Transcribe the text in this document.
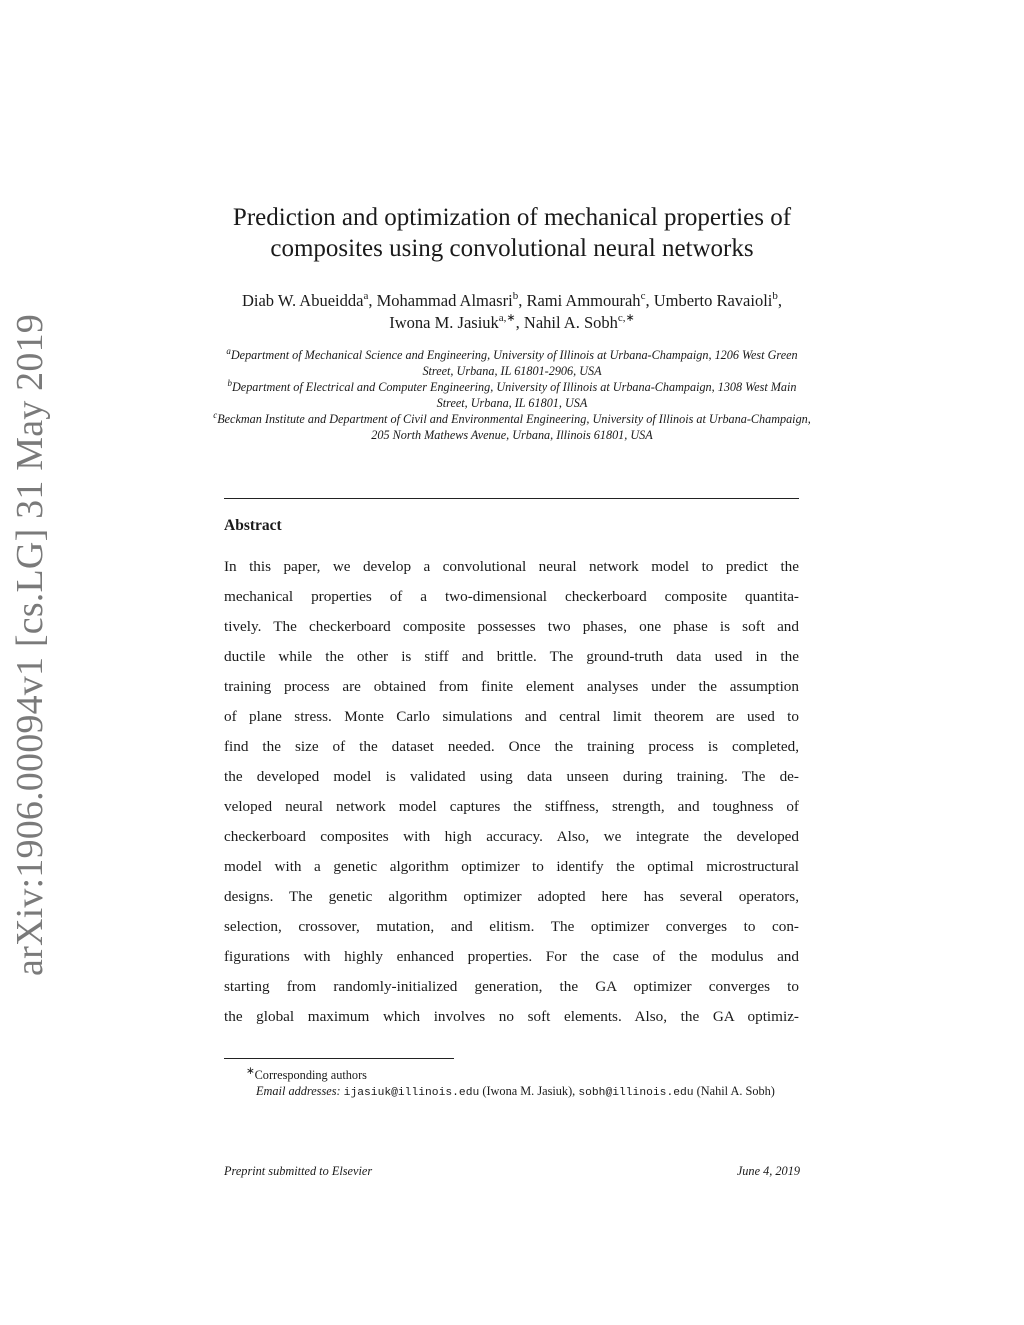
arXiv:1906.00094v1 [cs.LG] 31 May 2019
Prediction and optimization of mechanical properties of
composites using convolutional neural networks
Diab W. Abueidda$^a$, Mohammad Almasri$^b$, Rami Ammourah$^c$, Umberto Ravaioli$^b$, Iwona M. Jasiuk$^{a,∗}$, Nahil A. Sobh$^{c,∗}$
$^a$Department of Mechanical Science and Engineering, University of Illinois at Urbana-Champaign, 1206 West Green Street, Urbana, IL 61801-2906, USA
$^b$Department of Electrical and Computer Engineering, University of Illinois at Urbana-Champaign, 1308 West Main Street, Urbana, IL 61801, USA
$^c$Beckman Institute and Department of Civil and Environmental Engineering, University of Illinois at Urbana-Champaign, 205 North Mathews Avenue, Urbana, Illinois 61801, USA
Abstract
In this paper, we develop a convolutional neural network model to predict the
mechanical properties of a two-dimensional checkerboard composite quantita-
tively. The checkerboard composite possesses two phases, one phase is soft and
ductile while the other is stiff and brittle. The ground-truth data used in the
training process are obtained from finite element analyses under the assumption
of plane stress. Monte Carlo simulations and central limit theorem are used to
find the size of the dataset needed. Once the training process is completed,
the developed model is validated using data unseen during training. The de-
veloped neural network model captures the stiffness, strength, and toughness of
checkerboard composites with high accuracy. Also, we integrate the developed
model with a genetic algorithm optimizer to identify the optimal microstructural
designs. The genetic algorithm optimizer adopted here has several operators,
selection, crossover, mutation, and elitism. The optimizer converges to con-
figurations with highly enhanced properties. For the case of the modulus and
starting from randomly-initialized generation, the GA optimizer converges to
the global maximum which involves no soft elements. Also, the GA optimiz-
∗Corresponding authors
Email addresses: ijasiuk@illinois.edu (Iwona M. Jasiuk), sobh@illinois.edu (Nahil A. Sobh)
Preprint submitted to Elsevier	June 4, 2019
